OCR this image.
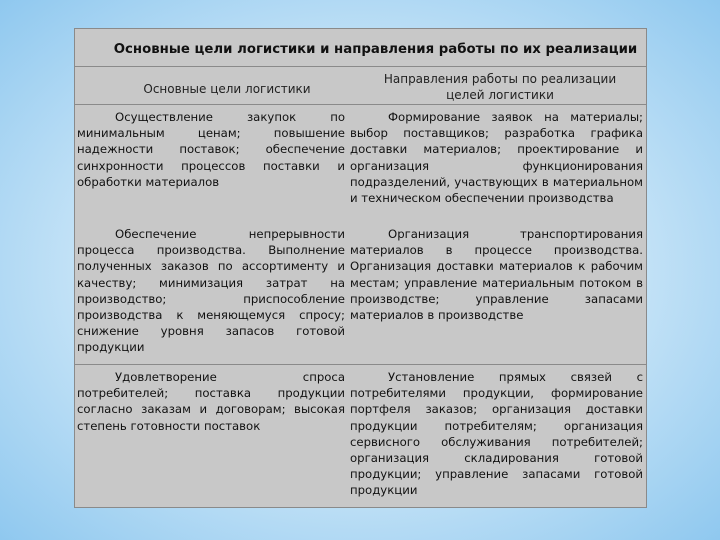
Основные цели логистики и направления работы по их реализации
Основные цели логистики
Направления работы по реализации
целей логистики
Осуществление закупок по минимальным ценам; повышение надежности поставок; обеспечение синхронности процессов поставки и обработки материалов
Формирование заявок на материалы; выбор поставщиков; разработка графика доставки материалов; проектирование и организация функционирования подразделений, участвующих в материальном и техническом обеспечении производства
Обеспечение непрерывности процесса производства. Выполнение полученных заказов по ассортименту и качеству; минимизация затрат на производство; приспособление производства к меняющемуся спросу; снижение уровня запасов готовой продукции
Организация транспортирования материалов в процессе производства. Организация доставки материалов к рабочим местам; управление материальным потоком в производстве; управление запасами материалов в производстве
Удовлетворение спроса потребителей; поставка продукции согласно заказам и договорам; высокая степень готовности поставок
Установление прямых связей с потребителями продукции, формирование портфеля заказов; организация доставки продукции потребителям; организация сервисного обслуживания потребителей; организация складирования готовой продукции; управление запасами готовой продукции
